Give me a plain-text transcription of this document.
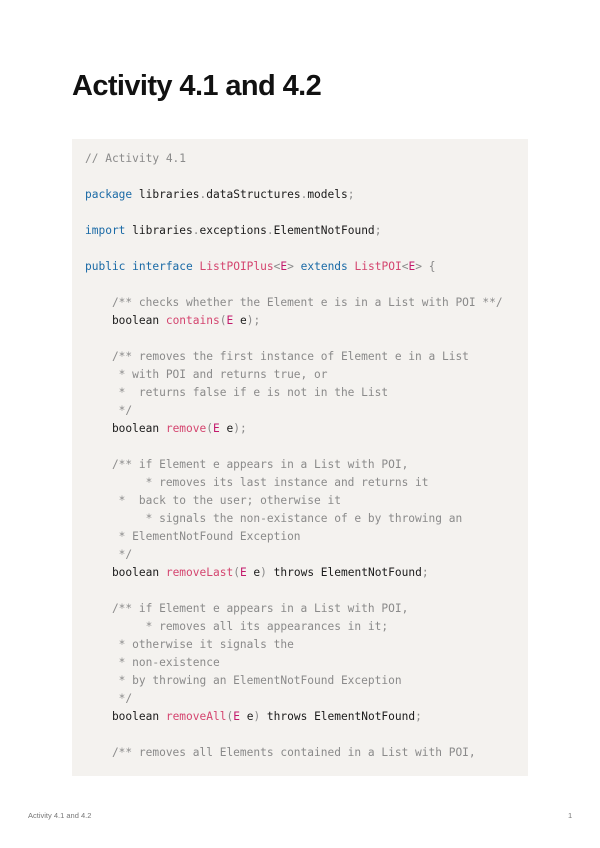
Activity 4.1 and 4.2
// Activity 4.1
package libraries.dataStructures.models;
import libraries.exceptions.ElementNotFound;
public interface ListPOIPlus<E> extends ListPOI<E> {
/** checks whether the Element e is in a List with POI **/
boolean contains(E e);
/** removes the first instance of Element e in a List
* with POI and returns true, or
*  returns false if e is not in the List
*/
boolean remove(E e);
/** if Element e appears in a List with POI,
* removes its last instance and returns it
*  back to the user; otherwise it
* signals the non-existance of e by throwing an
* ElementNotFound Exception
*/
boolean removeLast(E e) throws ElementNotFound;
/** if Element e appears in a List with POI,
* removes all its appearances in it;
* otherwise it signals the
* non-existence
* by throwing an ElementNotFound Exception
*/
boolean removeAll(E e) throws ElementNotFound;
/** removes all Elements contained in a List with POI,
Activity 4.1 and 4.2	1
